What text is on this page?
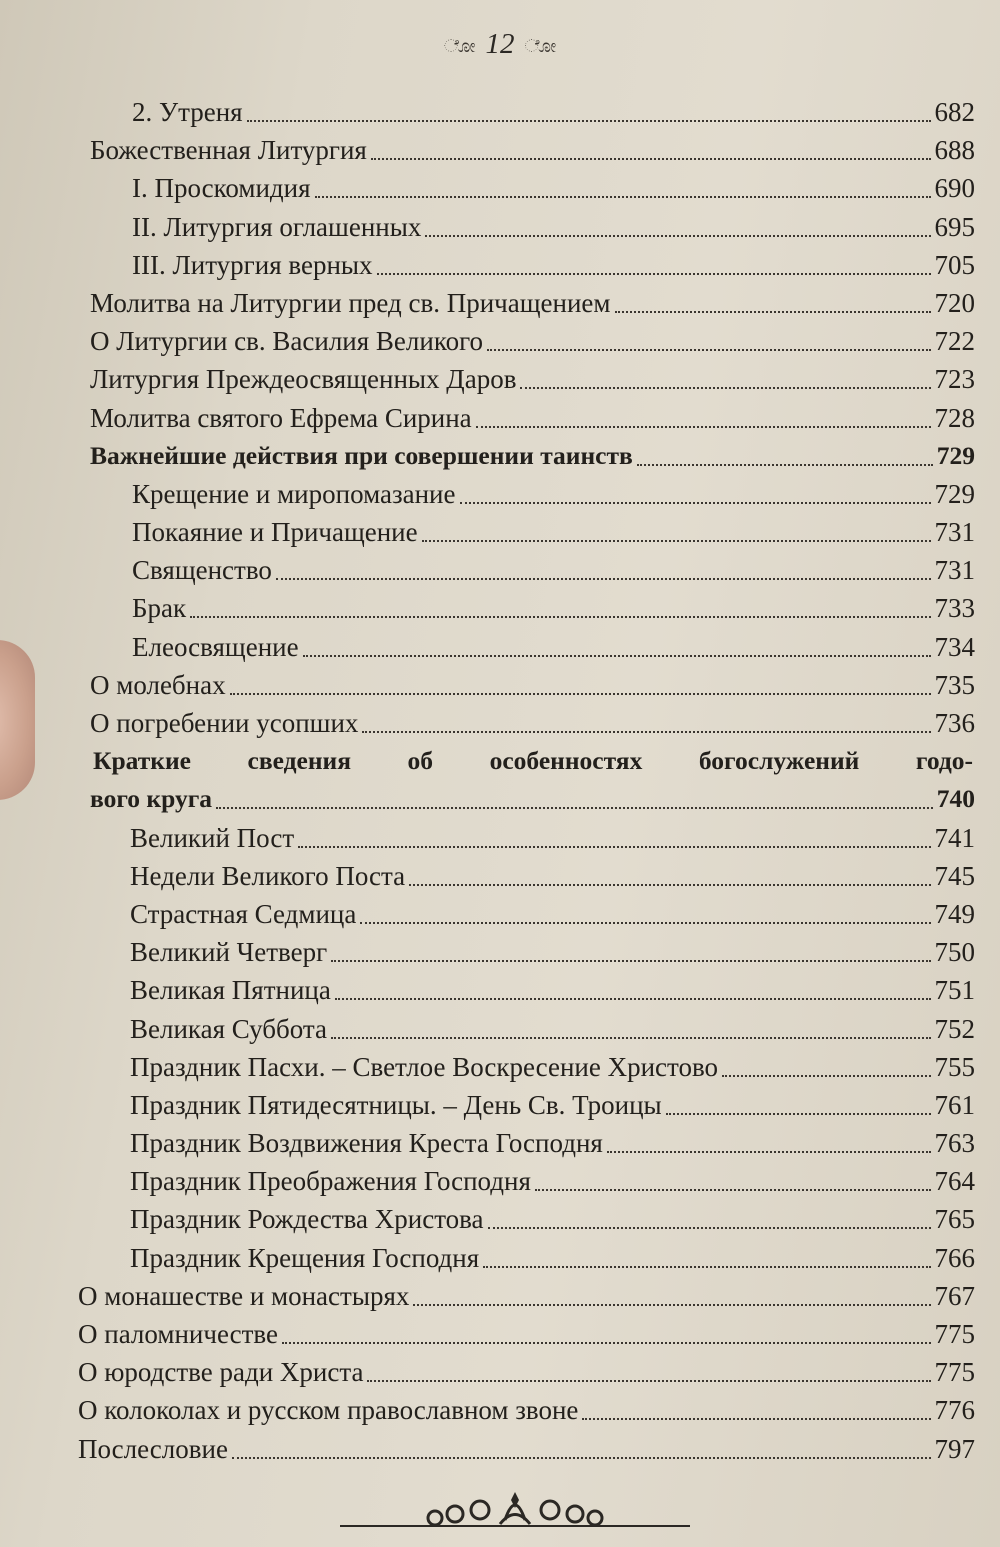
ೋ 12 ೋ
2. Утреня	682
Божественная Литургия	688
I. Проскомидия	690
II. Литургия оглашенных	695
III. Литургия верных	705
Молитва на Литургии пред св. Причащением	720
О Литургии св. Василия Великого	722
Литургия Преждеосвященных Даров	723
Молитва святого Ефрема Сирина	728
Важнейшие действия при совершении таинств	729
Крещение и миропомазание	729
Покаяние и Причащение	731
Священство	731
Брак	733
Елеосвящение	734
О молебнах	735
О погребении усопших	736
Краткие сведения об особенностях богослужений годо-
вого круга	740
Великий Пост	741
Недели Великого Поста	745
Страстная Седмица	749
Великий Четверг	750
Великая Пятница	751
Великая Суббота	752
Праздник Пасхи. – Светлое Воскресение Христово	755
Праздник Пятидесятницы. – День Св. Троицы	761
Праздник Воздвижения Креста Господня	763
Праздник Преображения Господня	764
Праздник Рождества Христова	765
Праздник Крещения Господня	766
О монашестве и монастырях	767
О паломничестве	775
О юродстве ради Христа	775
О колоколах и русском православном звоне	776
Послесловие	797
